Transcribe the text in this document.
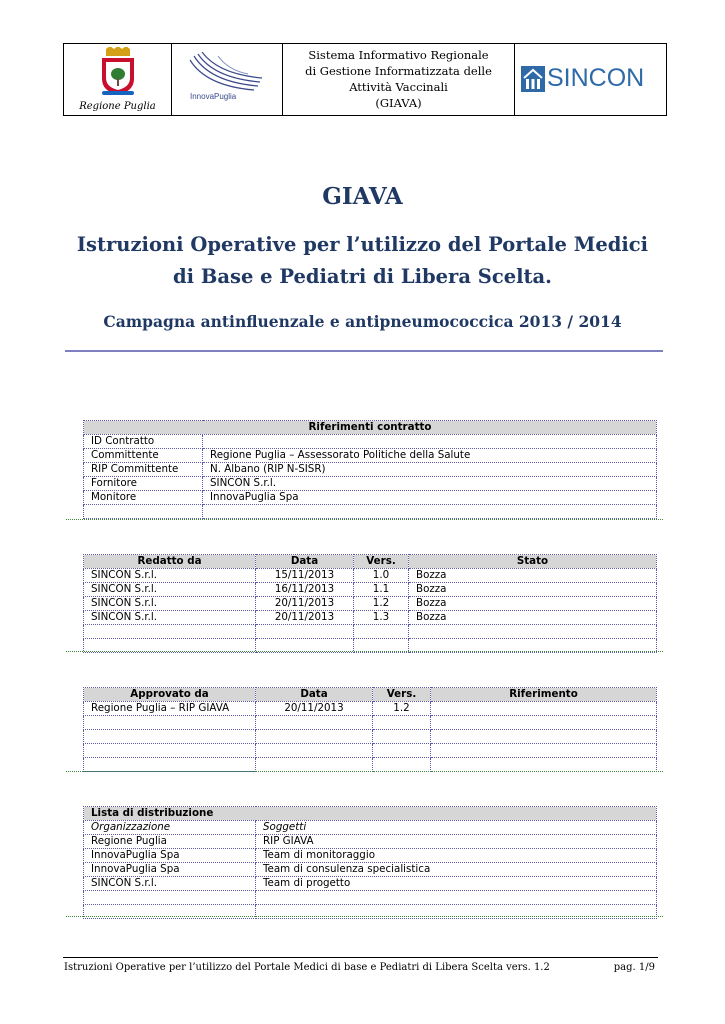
Regione Puglia
InnovaPuglia
Sistema Informativo Regionale
di Gestione Informatizzata delle
Attività Vaccinali
(GIAVA)
SINCON
GIAVA
Istruzioni Operative per l’utilizzo del Portale Medici
di Base e Pediatri di Libera Scelta.
Campagna antinfluenzale e antipneumococcica 2013 / 2014
Riferimenti contratto	
ID Contratto	
Committente	Regione Puglia – Assessorato Politiche della Salute
RIP Committente	N. Albano (RIP N-SISR)
Fornitore	SINCON S.r.l.
Monitore	InnovaPuglia Spa

Redatto da	Data	Vers.	Stato
SINCON S.r.l.	15/11/2013	1.0	Bozza
SINCON S.r.l.	16/11/2013	1.1	Bozza
SINCON S.r.l.	20/11/2013	1.2	Bozza
SINCON S.r.l.	20/11/2013	1.3	Bozza

Approvato da	Data	Vers.	Riferimento
Regione Puglia – RIP GIAVA	20/11/2013	1.2	

Lista di distribuzione	
Organizzazione	Soggetti
Regione Puglia	RIP GIAVA
InnovaPuglia Spa	Team di monitoraggio
InnovaPuglia Spa	Team di consulenza specialistica
SINCON S.r.l.	Team di progetto

Istruzioni Operative per l’utilizzo del Portale Medici di base e Pediatri di Libera Scelta vers. 1.2	pag. 1/9
